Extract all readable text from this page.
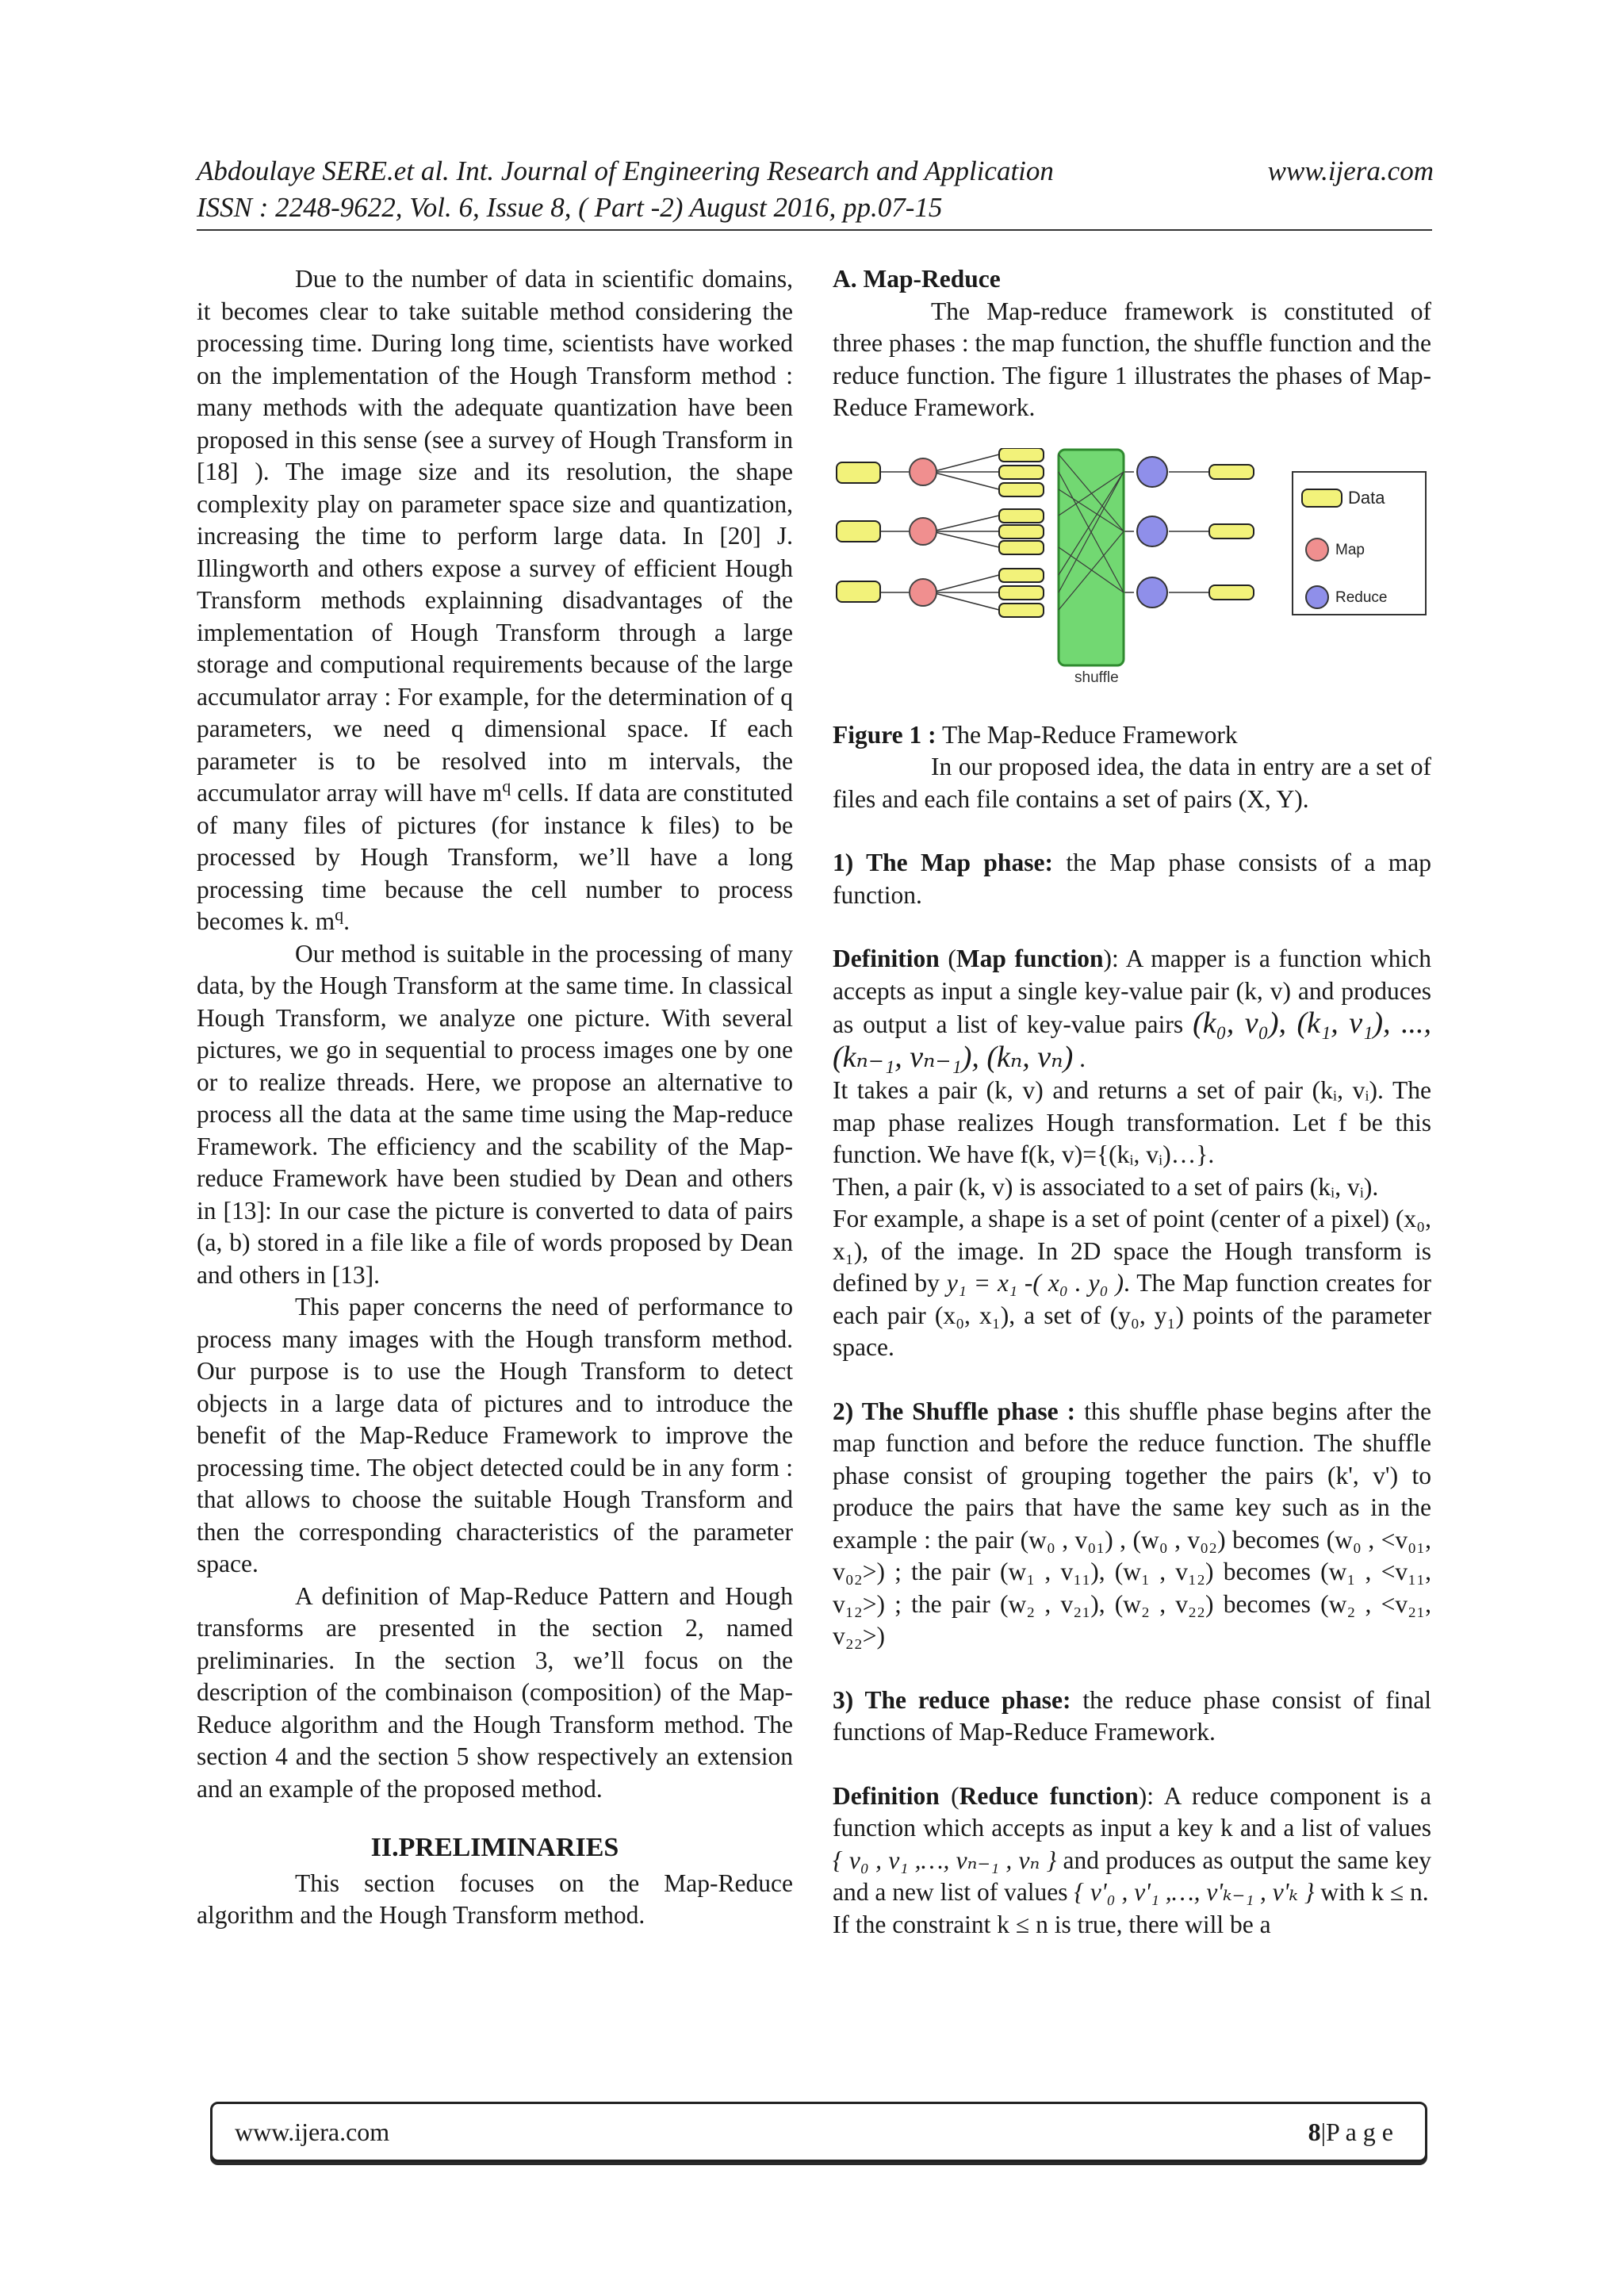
Abdoulaye SERE.et al. Int. Journal of Engineering Research and Application	www.ijera.com
ISSN : 2248-9622, Vol. 6, Issue 8, ( Part -2) August 2016, pp.07-15

Due to the number of data in scientific domains, it becomes clear to take suitable method considering the processing time. During long time, scientists have worked on the implementation of the Hough Transform method : many methods with the adequate quantization have been proposed in this sense (see a survey of Hough Transform in [18] ). The image size and its resolution, the shape complexity play on parameter space size and quantization, increasing the time to perform large data. In [20] J. Illingworth and others expose a survey of efficient Hough Transform methods explainning disadvantages of the implementation of Hough Transform through a large storage and computional requirements because of the large accumulator array : For example, for the determination of q parameters, we need q dimensional space. If each parameter is to be resolved into m intervals, the accumulator array will have $m^q$ cells. If data are constituted of many files of pictures (for instance k files) to be processed by Hough Transform, we’ll have a long processing time because the cell number to process becomes k. $m^q$.

Our method is suitable in the processing of many data, by the Hough Transform at the same time. In classical Hough Transform, we analyze one picture. With several pictures, we go in sequential to process images one by one or to realize threads. Here, we propose an alternative to process all the data at the same time using the Map-reduce Framework. The efficiency and the scability of the Map-reduce Framework have been studied by Dean and others in [13]: In our case the picture is converted to data of pairs (a, b) stored in a file like a file of words proposed by Dean and others in [13].

This paper concerns the need of performance to process many images with the Hough transform method. Our purpose is to use the Hough Transform to detect objects in a large data of pictures and to introduce the benefit of the Map-Reduce Framework to improve the processing time. The object detected could be in any form : that allows to choose the suitable Hough Transform and then the corresponding characteristics of the parameter space.

A definition of Map-Reduce Pattern and Hough transforms are presented in the section 2, named preliminaries. In the section 3, we’ll focus on the description of the combinaison (composition) of the Map-Reduce algorithm and the Hough Transform method. The section 4 and the section 5 show respectively an extension and an example of the proposed method.

II.PRELIMINARIES

This section focuses on the Map-Reduce algorithm and the Hough Transform method.

A. Map-Reduce

The Map-reduce framework is constituted of three phases : the map function, the shuffle function and the reduce function. The figure 1 illustrates the phases of Map-Reduce Framework.

shuffle
Data
Map
Reduce

Figure 1 : The Map-Reduce Framework

In our proposed idea, the data in entry are a set of files and each file contains a set of pairs (X, Y).

1) The Map phase: the Map phase consists of a map function.

Definition (Map function): A mapper is a function which accepts as input a single key-value pair (k, v) and produces as output a list of key-value pairs (k₀, v₀), (k₁, v₁), ..., (kₙ₋₁, vₙ₋₁), (kₙ, vₙ) .

It takes a pair (k, v) and returns a set of pair (kᵢ, vᵢ). The map phase realizes Hough transformation. Let f be this function. We have f(k, v)={(kᵢ, vᵢ)…}.

Then, a pair (k, v) is associated to a set of pairs (kᵢ, vᵢ).

For example, a shape is a set of point (center of a pixel) (x₀, x₁), of the image. In 2D space the Hough transform is defined by y₁ = x₁ -( x₀ . y₀ ). The Map function creates for each pair (x₀, x₁), a set of (y₀, y₁) points of the parameter space.

2) The Shuffle phase : this shuffle phase begins after the map function and before the reduce function. The shuffle phase consist of grouping together the pairs (k', v') to produce the pairs that have the same key such as in the example : the pair (w₀ , v₀₁) , (w₀ , v₀₂) becomes (w₀ , <v₀₁, v₀₂>) ; the pair (w₁ , v₁₁), (w₁ , v₁₂) becomes (w₁ , <v₁₁, v₁₂>) ; the pair (w₂ , v₂₁), (w₂ , v₂₂) becomes (w₂ , <v₂₁, v₂₂>)

3) The reduce phase: the reduce phase consist of final functions of Map-Reduce Framework.

Definition (Reduce function): A reduce component is a function which accepts as input a key k and a list of values { v₀ , v₁ ,…, vₙ₋₁ , vₙ } and produces as output the same key and a new list of values { v'₀ , v'₁ ,…, v'ₖ₋₁ , v'ₖ } with k ≤ n.

If the constraint k ≤ n is true, there will be a

www.ijera.com	8|P a g e
